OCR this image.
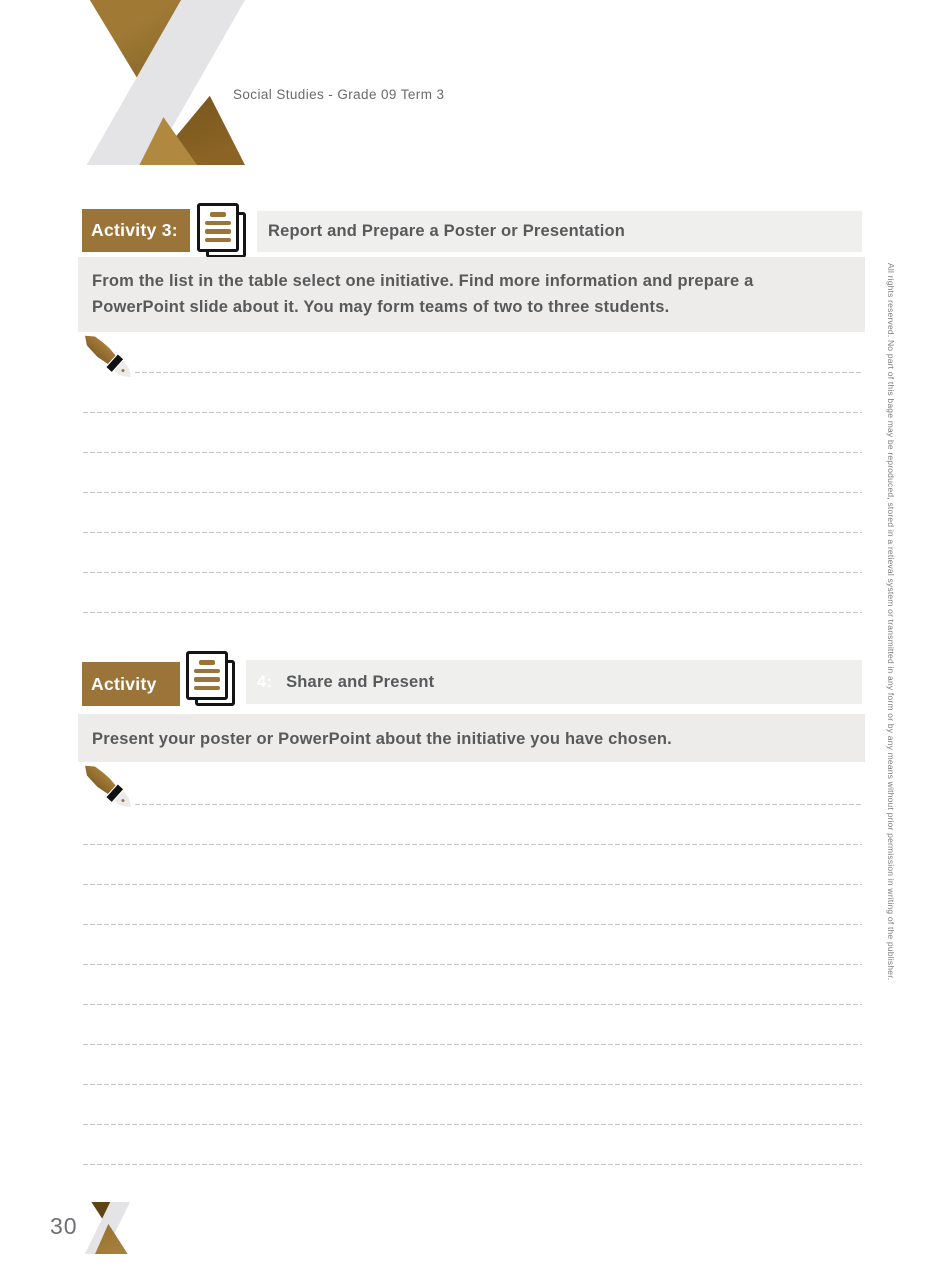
Social Studies - Grade 09 Term 3
All rights reserved. No part of this bage may be reproduced, stored in a retieval system or transmitted in any form or by any means without prior permission in writing of the publisher.
Activity 3:	Report and Prepare a Poster or Presentation
From the list in the table select one initiative. Find more information and prepare a PowerPoint slide about it. You may form teams of two to three students.
Activity	4: Share and Present
Present your poster or PowerPoint about the initiative you have chosen.
30
